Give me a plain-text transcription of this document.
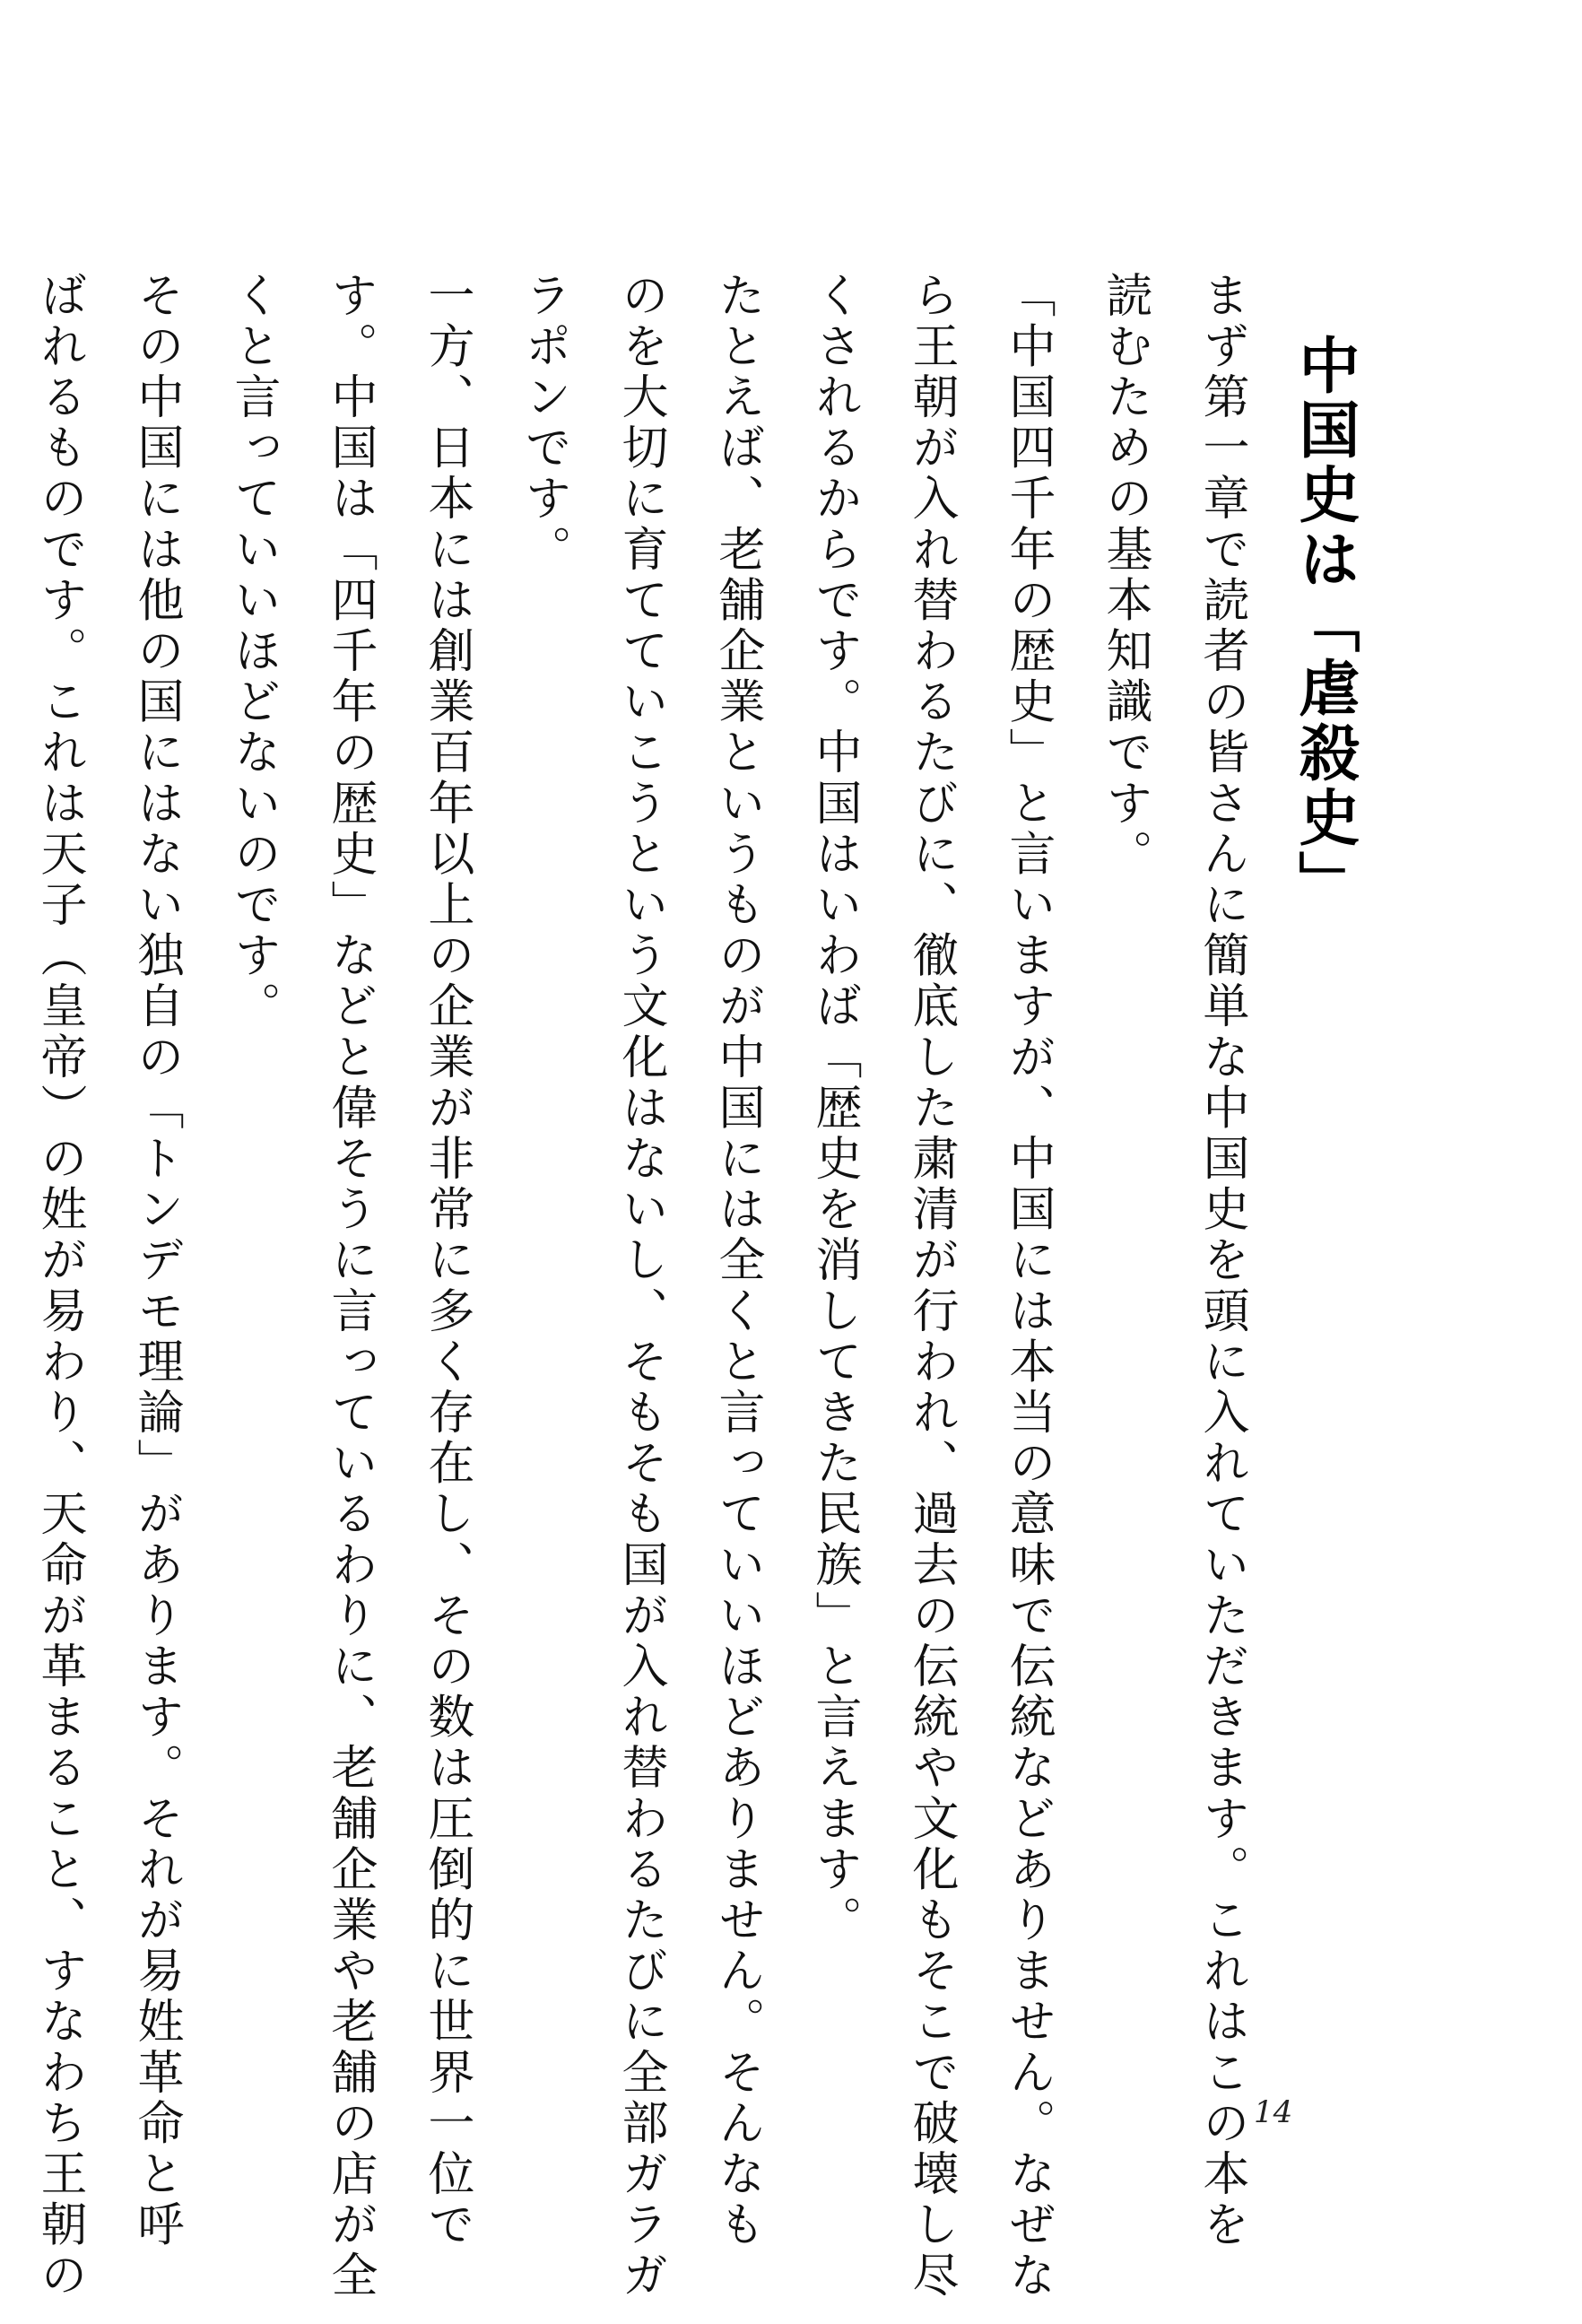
中国史は「虐殺史」
まず第一章で読者の皆さんに簡単な中国史を頭に入れていただきます。これはこの本を
読むための基本知識です。
「中国四千年の歴史」と言いますが、中国には本当の意味で伝統などありません。なぜな
ら王朝が入れ替わるたびに、徹底した粛清が行われ、過去の伝統や文化もそこで破壊し尽
くされるからです。中国はいわば「歴史を消してきた民族」と言えます。
たとえば、老舗企業というものが中国には全くと言っていいほどありません。そんなも
のを大切に育てていこうという文化はないし、そもそも国が入れ替わるたびに全部ガラガ
ラポンです。
一方、日本には創業百年以上の企業が非常に多く存在し、その数は圧倒的に世界一位で
す。中国は「四千年の歴史」などと偉そうに言っているわりに、老舗企業や老舗の店が全
くと言っていいほどないのです。
その中国には他の国にはない独自の「トンデモ理論」があります。それが易姓革命と呼
ばれるものです。これは天子（皇帝）の姓が易わり、天命が革まること、すなわち王朝の	14
